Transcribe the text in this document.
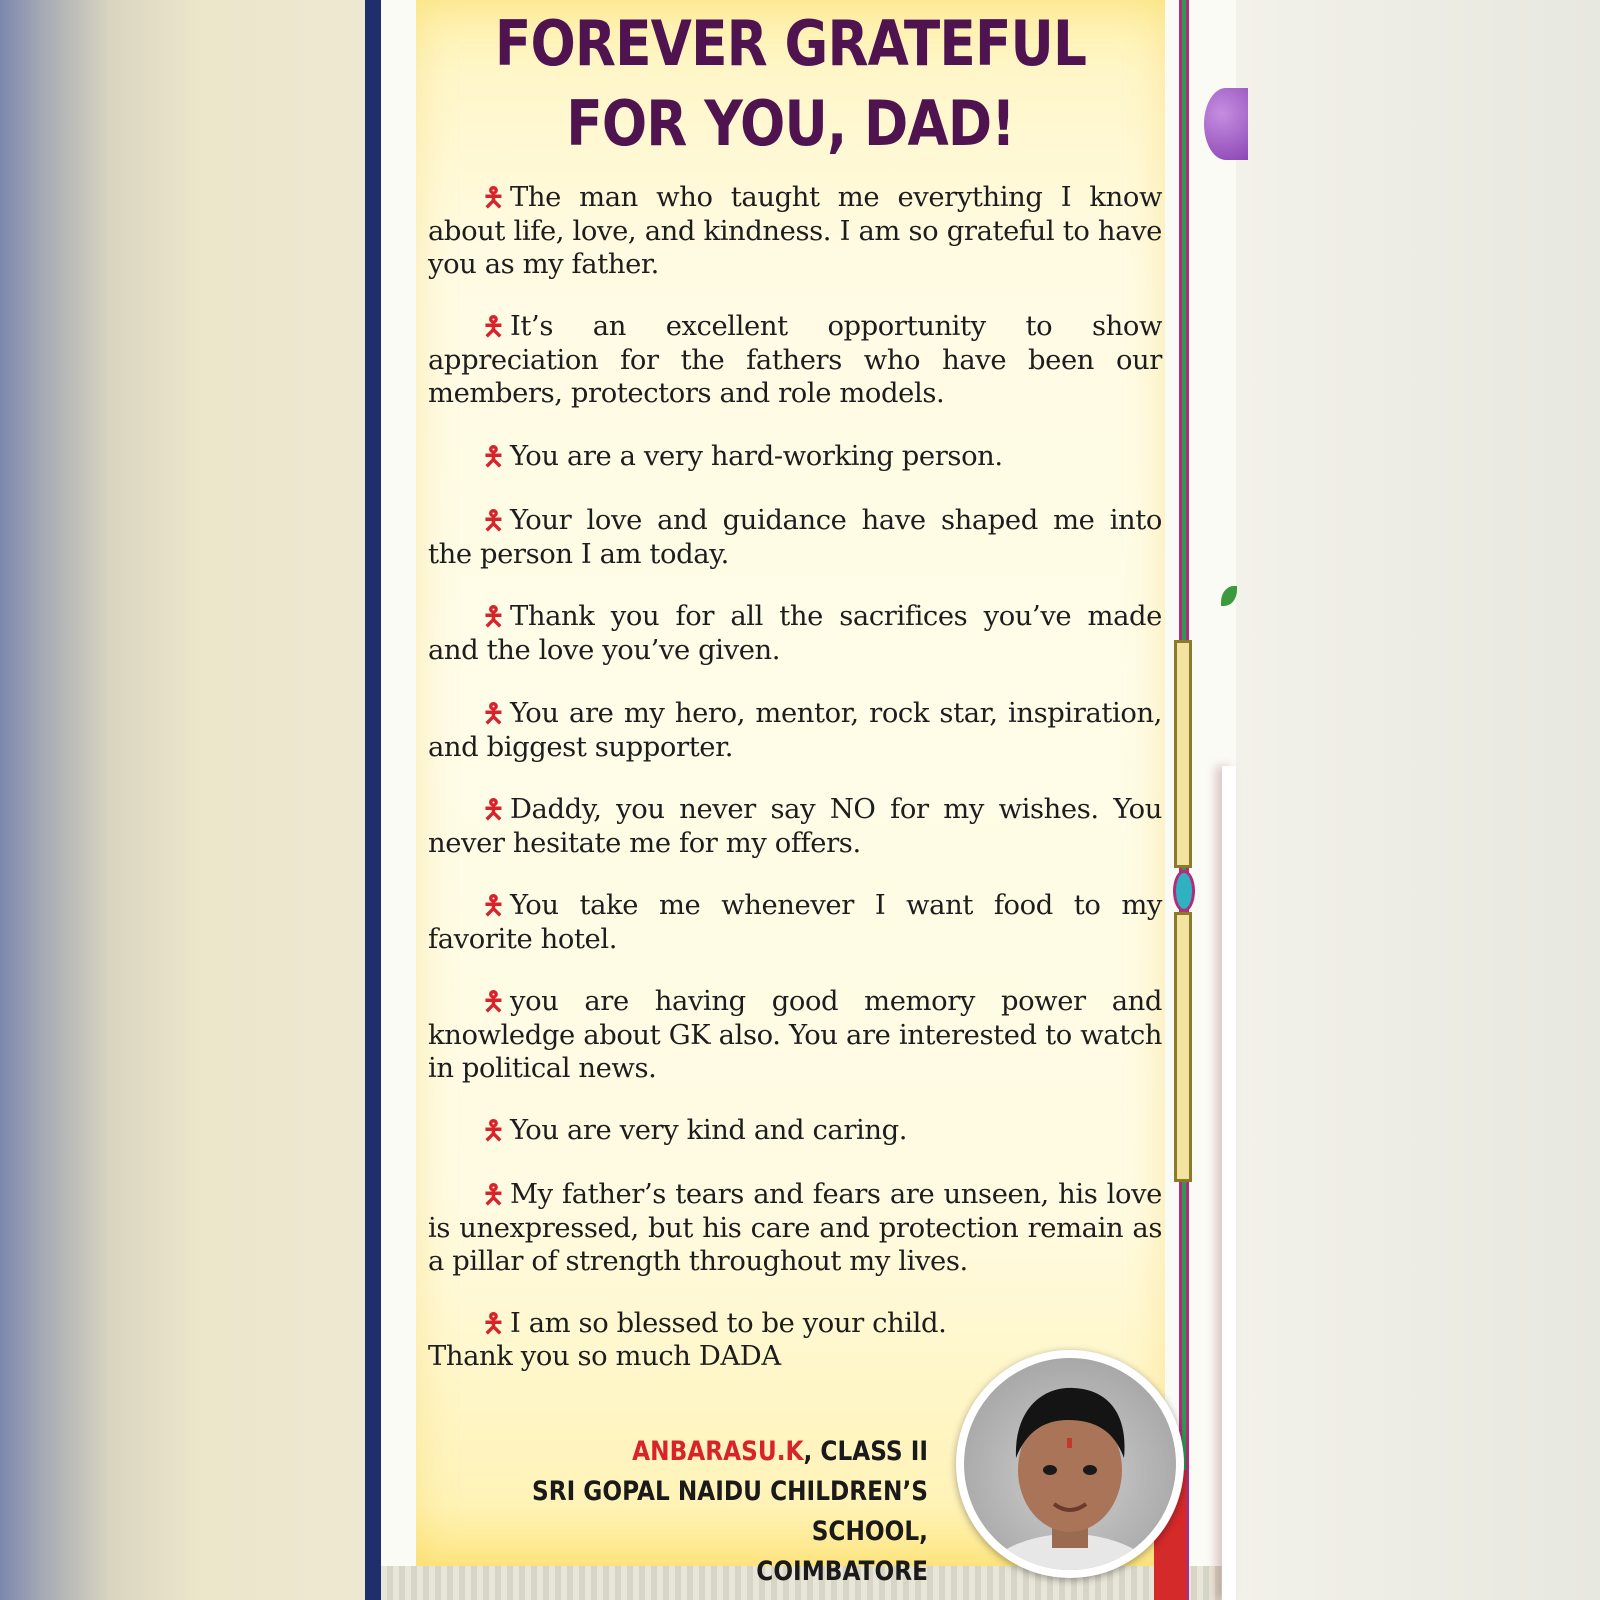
FOREVER GRATEFUL
FOR YOU, DAD!
🯅 The man who taught me everything I know about life, love, and kindness. I am so grateful to have you as my father.
🯅 It’s an excellent opportunity to show appreciation for the fathers who have been our members, protectors and role models.
🯅 You are a very hard-working person.
🯅 Your love and guidance have shaped me into the person I am today.
🯅 Thank you for all the sacrifices you’ve made and the love you’ve given.
🯅 You are my hero, mentor, rock star, inspiration, and biggest supporter.
🯅 Daddy, you never say NO for my wishes. You never hesitate me for my offers.
🯅 You take me whenever I want food to my favorite hotel.
🯅 you are having good memory power and knowledge about GK also. You are interested to watch in political news.
🯅 You are very kind and caring.
🯅 My father’s tears and fears are unseen, his love is unexpressed, but his care and protection remain as a pillar of strength throughout my lives.
🯅 I am so blessed to be your child.
Thank you so much DADA
ANBARASU.K, CLASS II
SRI GOPAL NAIDU CHILDREN’S SCHOOL,
COIMBATORE
